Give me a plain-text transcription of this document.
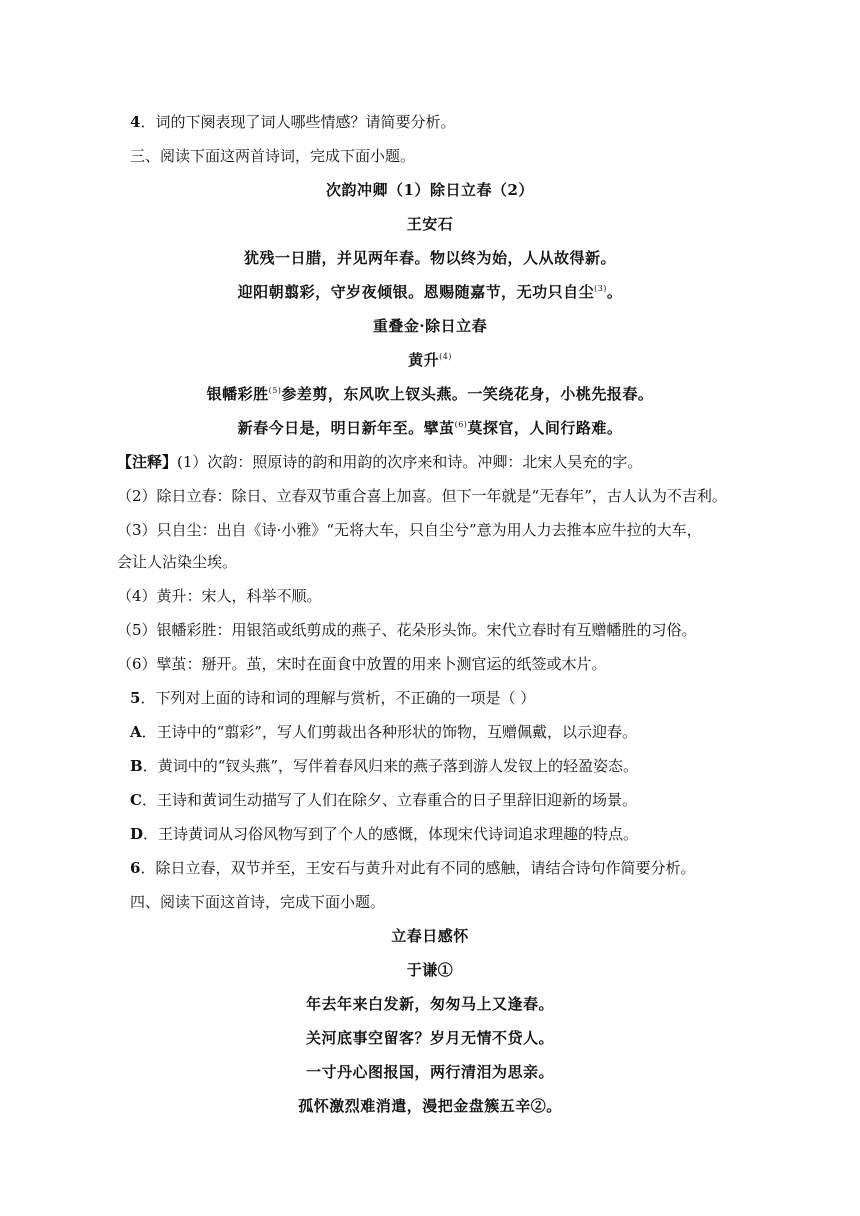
4．词的下阕表现了词人哪些情感？请简要分析。
三、阅读下面这两首诗词，完成下面小题。
次韵冲卿（1）除日立春（2）
王安石
犹残一日腊，并见两年春。物以终为始，人从故得新。
迎阳朝翦彩，守岁夜倾银。恩赐随嘉节，无功只自尘$^{(3)}$。
重叠金·除日立春
黄升$^{(4)}$
银幡彩胜$^{(5)}$参差剪，东风吹上钗头燕。一笑绕花身，小桃先报春。
新春今日是，明日新年至。擘茧$^{(6)}$莫探官，人间行路难。
【注释】(1）次韵：照原诗的韵和用韵的次序来和诗。冲卿：北宋人吴充的字。
（2）除日立春：除日、立春双节重合喜上加喜。但下一年就是“无春年”，古人认为不吉利。
（3）只自尘：出自《诗·小雅》“无将大车，只自尘兮”意为用人力去推本应牛拉的大车，
会让人沾染尘埃。
（4）黄升：宋人，科举不顺。
（5）银幡彩胜：用银箔或纸剪成的燕子、花朵形头饰。宋代立春时有互赠幡胜的习俗。
（6）擘茧：掰开。茧，宋时在面食中放置的用来卜测官运的纸签或木片。
5．下列对上面的诗和词的理解与赏析，不正确的一项是（ ）
A．王诗中的“翦彩”，写人们剪裁出各种形状的饰物，互赠佩戴，以示迎春。
B．黄词中的“钗头燕”，写伴着春风归来的燕子落到游人发钗上的轻盈姿态。
C．王诗和黄词生动描写了人们在除夕、立春重合的日子里辞旧迎新的场景。
D．王诗黄词从习俗风物写到了个人的感慨，体现宋代诗词追求理趣的特点。
6．除日立春，双节并至，王安石与黄升对此有不同的感触，请结合诗句作简要分析。
四、阅读下面这首诗，完成下面小题。
立春日感怀
于谦①
年去年来白发新，匆匆马上又逢春。
关河底事空留客？岁月无情不贷人。
一寸丹心图报国，两行清泪为思亲。
孤怀激烈难消遣，漫把金盘簇五辛②。
